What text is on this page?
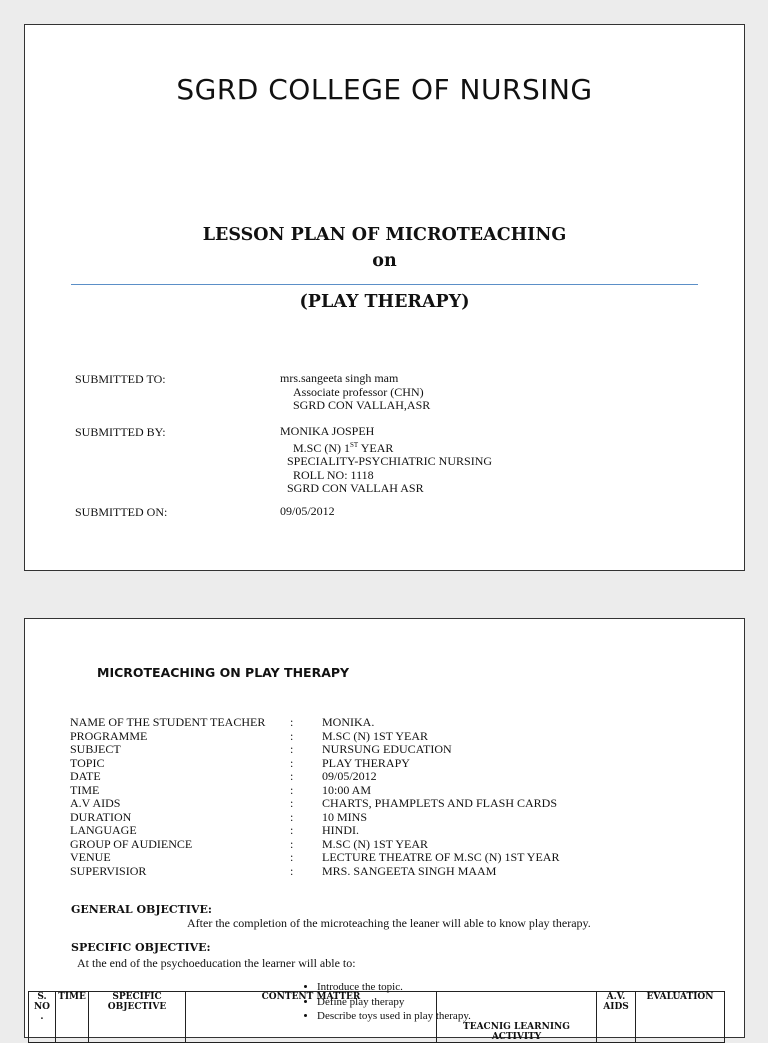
SGRD COLLEGE OF NURSING
LESSON PLAN OF MICROTEACHING
on
(PLAY THERAPY)
SUBMITTED TO:	mrs.sangeeta singh mam
Associate professor (CHN)
SGRD CON VALLAH,ASR
SUBMITTED BY:	MONIKA JOSPEH
M.SC (N) 1ST YEAR
SPECIALITY-PSYCHIATRIC NURSING
ROLL NO: 1118
SGRD CON VALLAH ASR
SUBMITTED ON:	09/05/2012
MICROTEACHING ON PLAY THERAPY
NAME OF THE STUDENT TEACHER	:	MONIKA.
PROGRAMME	:	M.SC (N) 1ST YEAR
SUBJECT	:	NURSUNG EDUCATION
TOPIC	:	PLAY THERAPY
DATE	:	09/05/2012
TIME	:	10:00 AM
A.V AIDS	:	CHARTS, PHAMPLETS AND FLASH CARDS
DURATION	:	10 MINS
LANGUAGE	:	HINDI.
GROUP OF AUDIENCE	:	M.SC (N) 1ST YEAR
VENUE	:	LECTURE THEATRE OF M.SC (N) 1ST YEAR
SUPERVISIOR	:	MRS. SANGEETA SINGH MAAM
GENERAL OBJECTIVE:
After the completion of the microteaching the leaner will able to know play therapy.
SPECIFIC OBJECTIVE:
At the end of the psychoeducation the learner will able to:
S. NO .	TIME	SPECIFIC OBJECTIVE	CONTENT MATTER	TEACNIG LEARNING ACTIVITY	A.V. AIDS	EVALUATION
• Introduce the topic.
• Define play therapy
• Describe toys used in play therapy.
